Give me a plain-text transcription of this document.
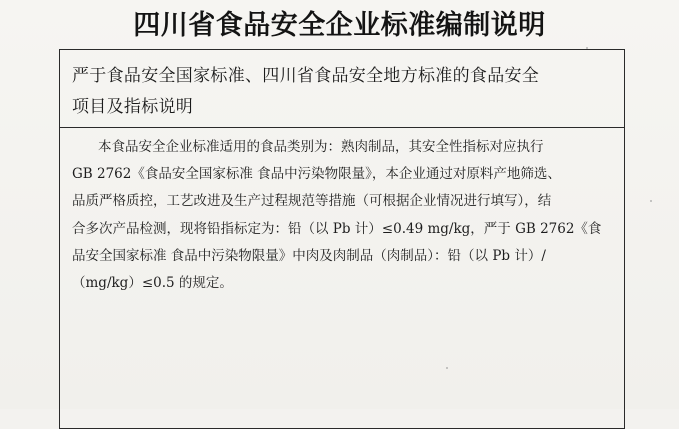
四川省食品安全企业标准编制说明
严于食品安全国家标准、四川省食品安全地方标准的食品安全
项目及指标说明
本食品安全企业标准适用的食品类别为：熟肉制品，其安全性指标对应执行
GB 2762《食品安全国家标准 食品中污染物限量》，本企业通过对原料产地筛选、
品质严格质控，工艺改进及生产过程规范等措施（可根据企业情况进行填写），结
合多次产品检测，现将铅指标定为：铅（以 Pb 计）≤0.49 mg/kg，严于 GB 2762《食
品安全国家标准 食品中污染物限量》中肉及肉制品（肉制品）：铅（以 Pb 计）/
（mg/kg）≤0.5 的规定。
